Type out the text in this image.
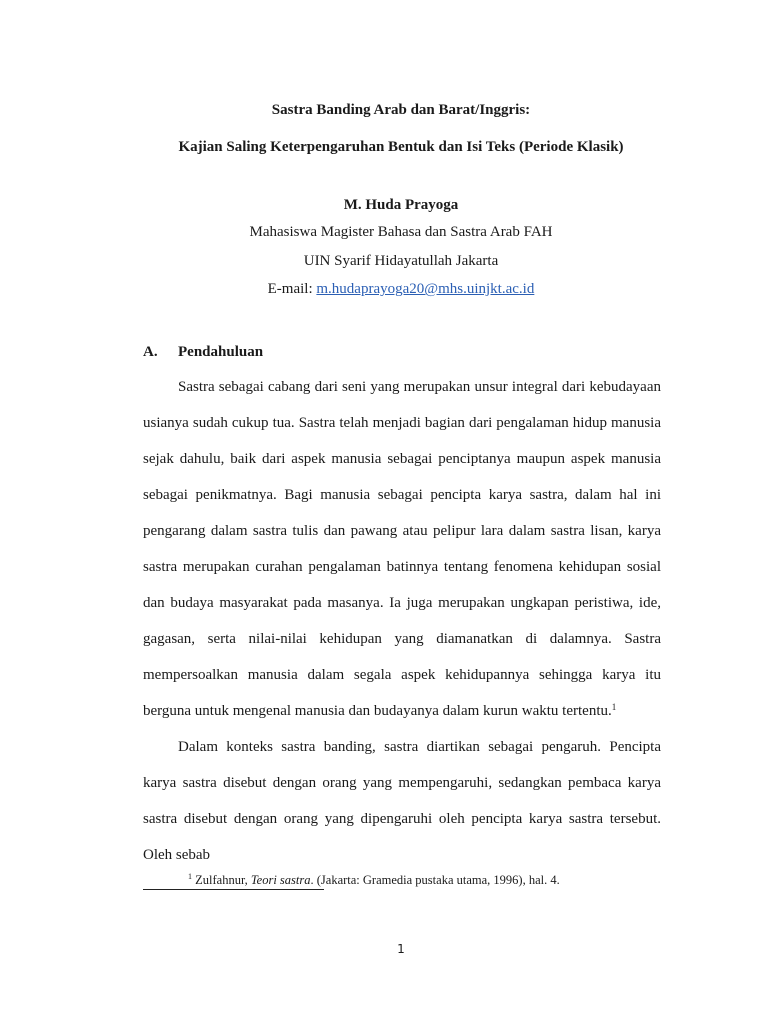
Sastra Banding Arab dan Barat/Inggris:
Kajian Saling Keterpengaruhan Bentuk dan Isi Teks (Periode Klasik)
M. Huda Prayoga
Mahasiswa Magister Bahasa dan Sastra Arab FAH
UIN Syarif Hidayatullah Jakarta
E-mail: m.hudaprayoga20@mhs.uinjkt.ac.id
A. Pendahuluan

Sastra sebagai cabang dari seni yang merupakan unsur integral dari kebudayaan usianya sudah cukup tua. Sastra telah menjadi bagian dari pengalaman hidup manusia sejak dahulu, baik dari aspek manusia sebagai penciptanya maupun aspek manusia sebagai penikmatnya. Bagi manusia sebagai pencipta karya sastra, dalam hal ini pengarang dalam sastra tulis dan pawang atau pelipur lara dalam sastra lisan, karya sastra merupakan curahan pengalaman batinnya tentang fenomena kehidupan sosial dan budaya masyarakat pada masanya. Ia juga merupakan ungkapan peristiwa, ide, gagasan, serta nilai-nilai kehidupan yang diamanatkan di dalamnya. Sastra mempersoalkan manusia dalam segala aspek kehidupannya sehingga karya itu berguna untuk mengenal manusia dan budayanya dalam kurun waktu tertentu.$^1$

Dalam konteks sastra banding, sastra diartikan sebagai pengaruh. Pencipta karya sastra disebut dengan orang yang mempengaruhi, sedangkan pembaca karya sastra disebut dengan orang yang dipengaruhi oleh pencipta karya sastra tersebut. Oleh sebab

$^1$ Zulfahnur, Teori sastra. (Jakarta: Gramedia pustaka utama, 1996), hal. 4.
1
